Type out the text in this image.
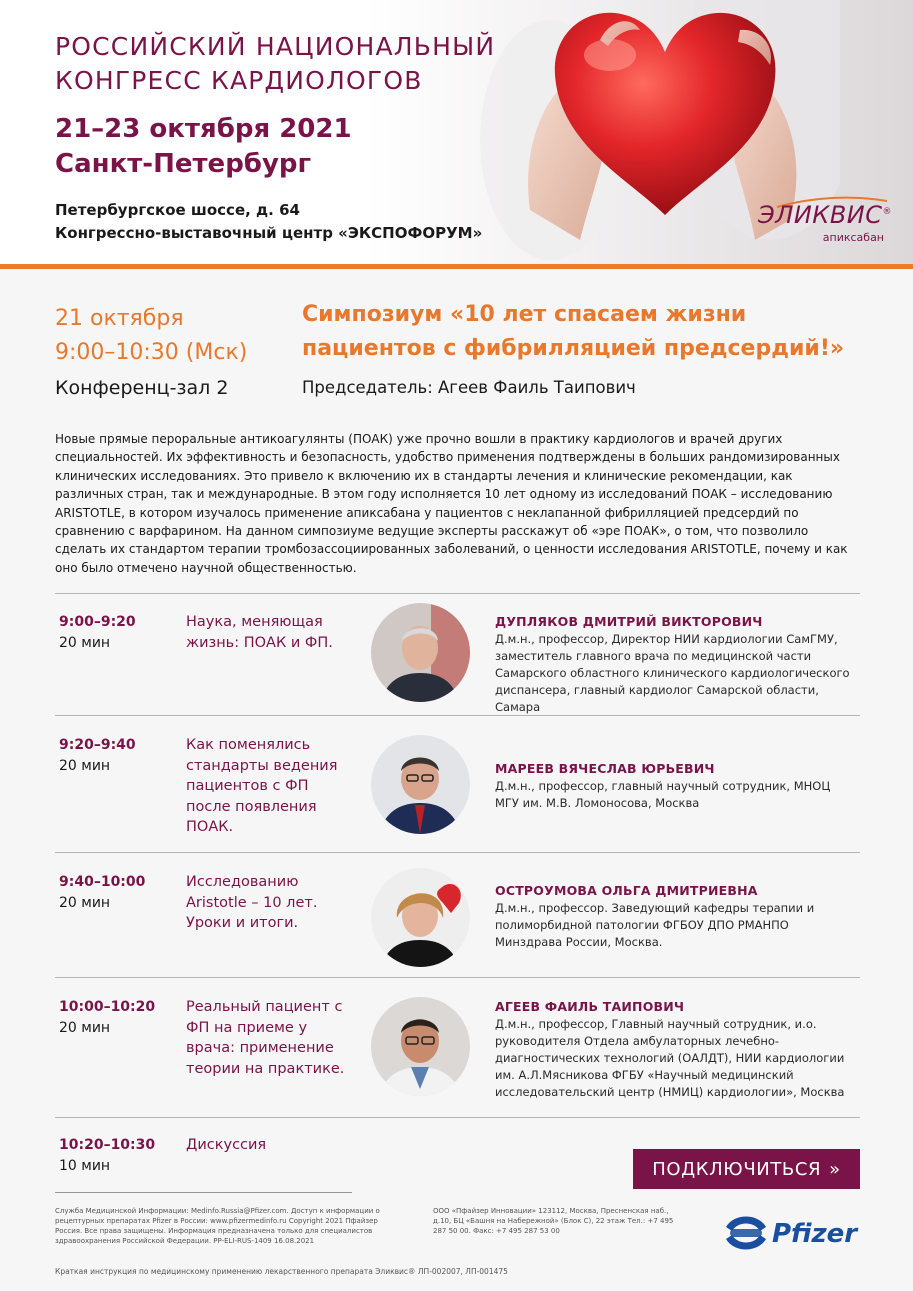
РОССИЙСКИЙ НАЦИОНАЛЬНЫЙ
КОНГРЕСС КАРДИОЛОГОВ
21–23 октября 2021
Санкт-Петербург
Петербургское шоссе, д. 64
Конгрессно-выставочный центр «ЭКСПОФОРУМ»
ЭЛИКВИС®
апиксабан
21 октября
9:00–10:30 (Мск)
Конференц-зал 2
Симпозиум «10 лет спасаем жизни
пациентов с фибрилляцией предсердий!»
Председатель: Агеев Фаиль Таипович
Новые прямые пероральные антикоагулянты (ПОАК) уже прочно вошли в практику кардиологов и врачей других специальностей. Их эффективность и безопасность, удобство применения подтверждены в больших рандомизированных клинических исследованиях. Это привело к включению их в стандарты лечения и клинические рекомендации, как различных стран, так и международные. В этом году исполняется 10 лет одному из исследований ПОАК – исследованию ARISTOTLE, в котором изучалось применение апиксабана у пациентов с неклапанной фибрилляцией предсердий по сравнению с варфарином. На данном симпозиуме ведущие эксперты расскажут об «эре ПОАК», о том, что позволило сделать их стандартом терапии тромбозассоциированных заболеваний, о ценности исследования ARISTOTLE, почему и как оно было отмечено научной общественностью.
9:00–9:20
20 мин
Наука, меняющая жизнь: ПОАК и ФП.
ДУПЛЯКОВ ДМИТРИЙ ВИКТОРОВИЧ
Д.м.н., профессор, Директор НИИ кардиологии СамГМУ, заместитель главного врача по медицинской части Самарского областного клинического кардиологического диспансера, главный кардиолог Самарской области, Самара
9:20–9:40
20 мин
Как поменялись стандарты ведения пациентов с ФП после появления ПОАК.
МАРЕЕВ ВЯЧЕСЛАВ ЮРЬЕВИЧ
Д.м.н., профессор, главный научный сотрудник, МНОЦ МГУ им. М.В. Ломоносова, Москва
9:40–10:00
20 мин
Исследованию Aristotle – 10 лет. Уроки и итоги.
ОСТРОУМОВА ОЛЬГА ДМИТРИЕВНА
Д.м.н., профессор. Заведующий кафедры терапии и полиморбидной патологии ФГБОУ ДПО РМАНПО Минздрава России, Москва.
10:00–10:20
20 мин
Реальный пациент с ФП на приеме у врача: применение теории на практике.
АГЕЕВ ФАИЛЬ ТАИПОВИЧ
Д.м.н., профессор, Главный научный сотрудник, и.о. руководителя Отдела амбулаторных лечебно-диагностических технологий (ОАЛДТ), НИИ кардиологии им. А.Л.Мясникова ФГБУ «Научный медицинский исследовательский центр (НМИЦ) кардиологии», Москва
10:20–10:30
10 мин
Дискуссия
ПОДКЛЮЧИТЬСЯ »
Служба Медицинской Информации: Medinfo.Russia@Pfizer.com. Доступ к информации о рецептурных препаратах Pfizer в России: www.pfizermedinfo.ru Copyright 2021 Пфайзер Россия. Все права защищены. Информация предназначена только для специалистов здравоохранения Российской Федерации. PP-ELI-RUS-1409 16.08.2021
ООО «Пфайзер Инновации» 123112, Москва, Пресненская наб., д.10, БЦ «Башня на Набережной» (Блок С), 22 этаж Тел.: +7 495 287 50 00. Факс: +7 495 287 53 00
Краткая инструкция по медицинскому применению лекарственного препарата Эликвис® ЛП-002007, ЛП-001475
Pfizer
